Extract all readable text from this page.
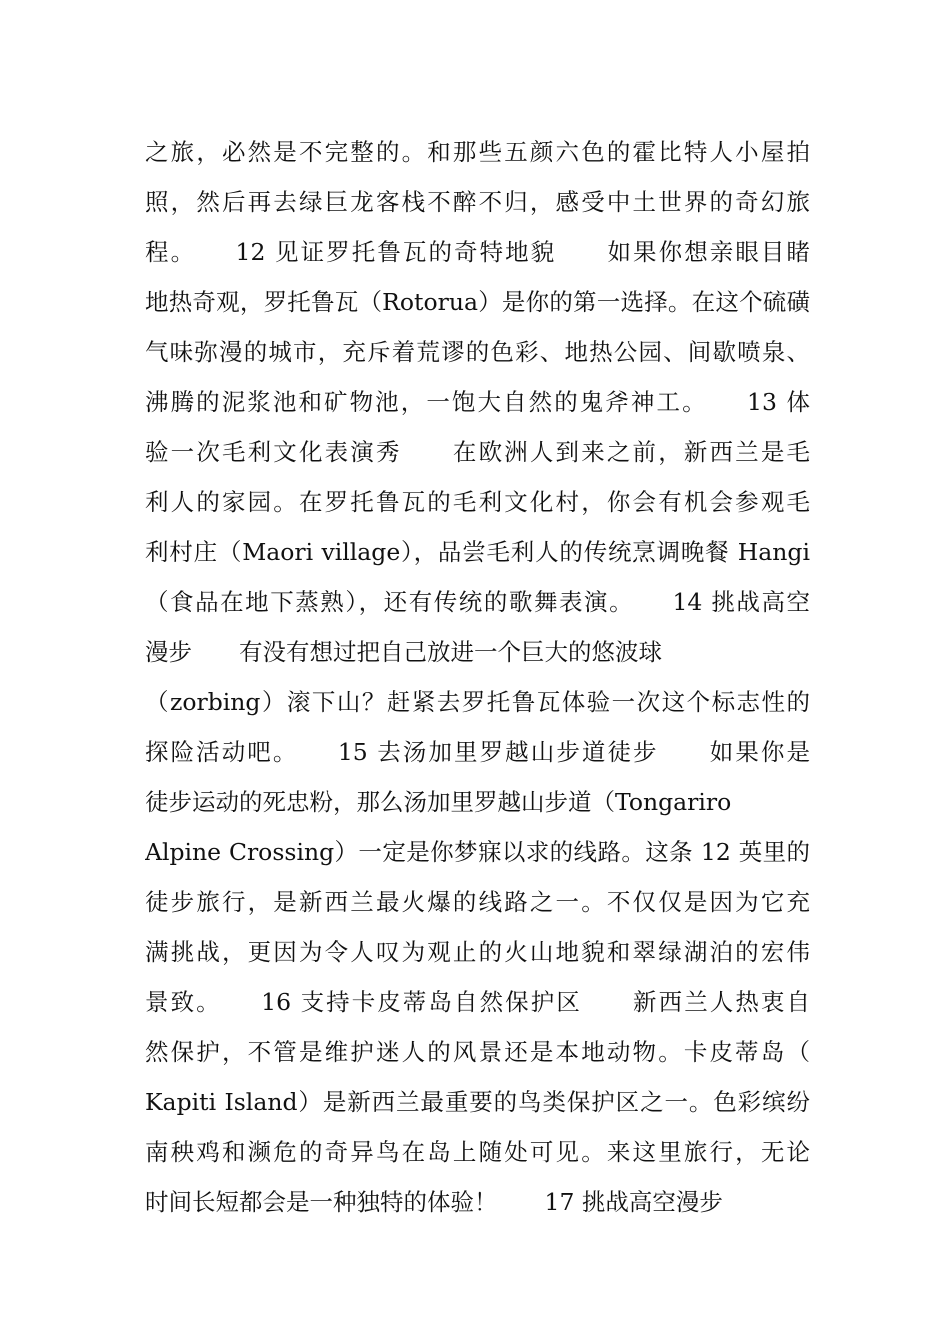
之旅，必然是不完整的。和那些五颜六色的霍比特人小屋拍
照，然后再去绿巨龙客栈不醉不归，感受中土世界的奇幻旅
程。　　12 见证罗托鲁瓦的奇特地貌　　如果你想亲眼目睹
地热奇观，罗托鲁瓦（Rotorua）是你的第一选择。在这个硫磺
气味弥漫的城市，充斥着荒谬的色彩、地热公园、间歇喷泉、
沸腾的泥浆池和矿物池，一饱大自然的鬼斧神工。　　13 体
验一次毛利文化表演秀　　在欧洲人到来之前，新西兰是毛
利人的家园。在罗托鲁瓦的毛利文化村，你会有机会参观毛
利村庄（Maori village），品尝毛利人的传统烹调晚餐 Hangi
（食品在地下蒸熟），还有传统的歌舞表演。　　14 挑战高空
漫步　　有没有想过把自己放进一个巨大的悠波球
（zorbing）滚下山？赶紧去罗托鲁瓦体验一次这个标志性的
探险活动吧。　　15 去汤加里罗越山步道徒步　　如果你是
徒步运动的死忠粉，那么汤加里罗越山步道（Tongariro
Alpine Crossing）一定是你梦寐以求的线路。这条 12 英里的
徒步旅行，是新西兰最火爆的线路之一。不仅仅是因为它充
满挑战，更因为令人叹为观止的火山地貌和翠绿湖泊的宏伟
景致。　　16 支持卡皮蒂岛自然保护区　　新西兰人热衷自
然保护，不管是维护迷人的风景还是本地动物。卡皮蒂岛（
Kapiti Island）是新西兰最重要的鸟类保护区之一。色彩缤纷
南秧鸡和濒危的奇异鸟在岛上随处可见。来这里旅行，无论
时间长短都会是一种独特的体验！　　17 挑战高空漫步
